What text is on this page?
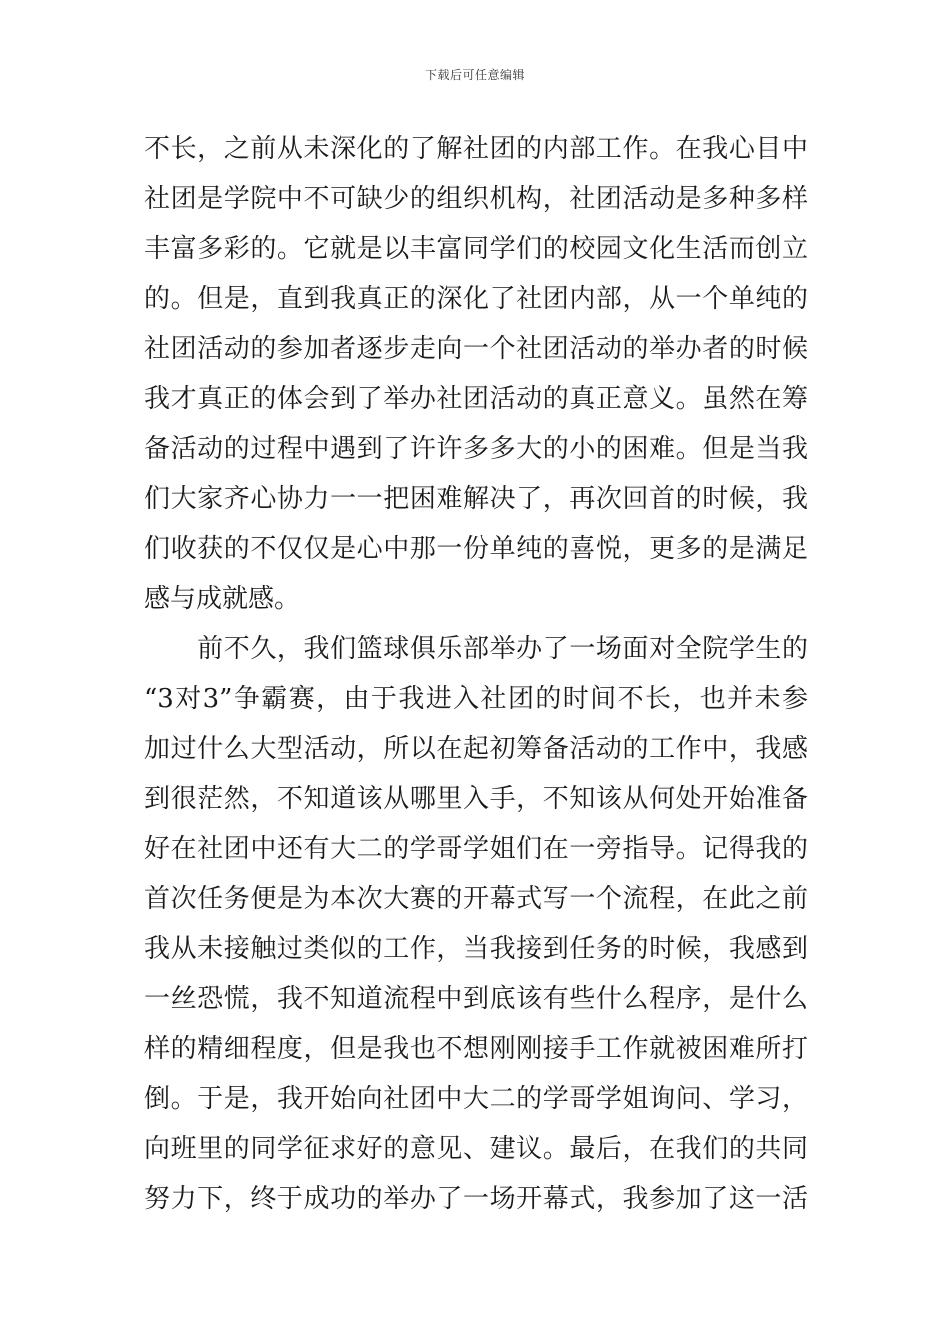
下载后可任意编辑
不长，之前从未深化的了解社团的内部工作。在我心目中
社团是学院中不可缺少的组织机构，社团活动是多种多样
丰富多彩的。它就是以丰富同学们的校园文化生活而创立
的。但是，直到我真正的深化了社团内部，从一个单纯的
社团活动的参加者逐步走向一个社团活动的举办者的时候
我才真正的体会到了举办社团活动的真正意义。虽然在筹
备活动的过程中遇到了许许多多大的小的困难。但是当我
们大家齐心协力一一把困难解决了，再次回首的时候，我
们收获的不仅仅是心中那一份单纯的喜悦，更多的是满足
感与成就感。
　　前不久，我们篮球俱乐部举办了一场面对全院学生的
“3对3”争霸赛，由于我进入社团的时间不长，也并未参
加过什么大型活动，所以在起初筹备活动的工作中，我感
到很茫然，不知道该从哪里入手，不知该从何处开始准备
好在社团中还有大二的学哥学姐们在一旁指导。记得我的
首次任务便是为本次大赛的开幕式写一个流程，在此之前
我从未接触过类似的工作，当我接到任务的时候，我感到
一丝恐慌，我不知道流程中到底该有些什么程序，是什么
样的精细程度，但是我也不想刚刚接手工作就被困难所打
倒。于是，我开始向社团中大二的学哥学姐询问、学习，
向班里的同学征求好的意见、建议。最后，在我们的共同
努力下，终于成功的举办了一场开幕式，我参加了这一活
